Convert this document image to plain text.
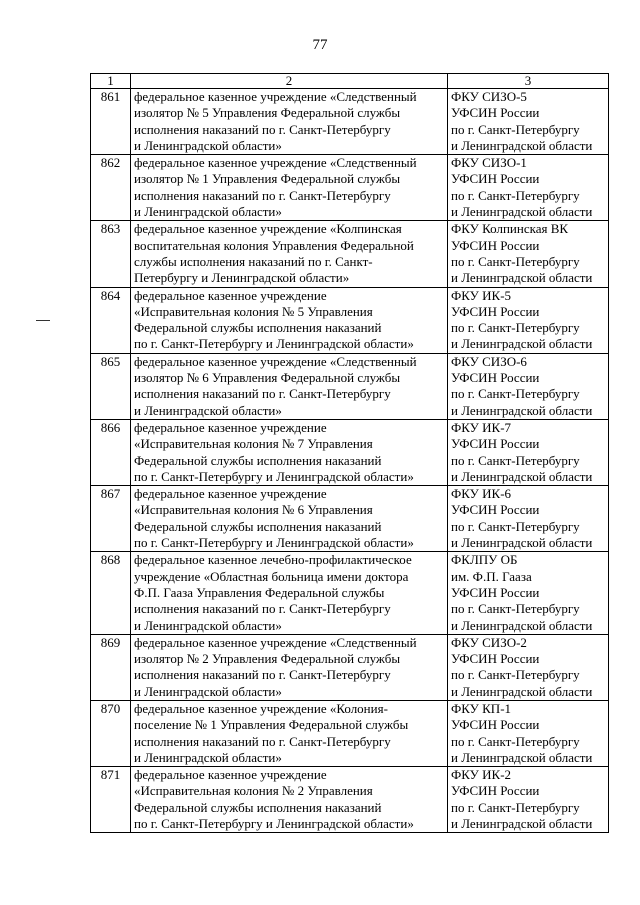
77
1	2	3
861	федеральное казенное учреждение «Следственный
изолятор № 5 Управления Федеральной службы
исполнения наказаний по г. Санкт-Петербургу
и Ленинградской области»	ФКУ СИЗО-5
УФСИН России
по г. Санкт-Петербургу
и Ленинградской области
862	федеральное казенное учреждение «Следственный
изолятор № 1 Управления Федеральной службы
исполнения наказаний по г. Санкт-Петербургу
и Ленинградской области»	ФКУ СИЗО-1
УФСИН России
по г. Санкт-Петербургу
и Ленинградской области
863	федеральное казенное учреждение «Колпинская
воспитательная колония Управления Федеральной
службы исполнения наказаний по г. Санкт-
Петербургу и Ленинградской области»	ФКУ Колпинская ВК
УФСИН России
по г. Санкт-Петербургу
и Ленинградской области
864	федеральное казенное учреждение
«Исправительная колония № 5 Управления
Федеральной службы исполнения наказаний
по г. Санкт-Петербургу и Ленинградской области»	ФКУ ИК-5
УФСИН России
по г. Санкт-Петербургу
и Ленинградской области
865	федеральное казенное учреждение «Следственный
изолятор № 6 Управления Федеральной службы
исполнения наказаний по г. Санкт-Петербургу
и Ленинградской области»	ФКУ СИЗО-6
УФСИН России
по г. Санкт-Петербургу
и Ленинградской области
866	федеральное казенное учреждение
«Исправительная колония № 7 Управления
Федеральной службы исполнения наказаний
по г. Санкт-Петербургу и Ленинградской области»	ФКУ ИК-7
УФСИН России
по г. Санкт-Петербургу
и Ленинградской области
867	федеральное казенное учреждение
«Исправительная колония № 6 Управления
Федеральной службы исполнения наказаний
по г. Санкт-Петербургу и Ленинградской области»	ФКУ ИК-6
УФСИН России
по г. Санкт-Петербургу
и Ленинградской области
868	федеральное казенное лечебно-профилактическое
учреждение «Областная больница имени доктора
Ф.П. Гааза Управления Федеральной службы
исполнения наказаний по г. Санкт-Петербургу
и Ленинградской области»	ФКЛПУ ОБ
им. Ф.П. Гааза
УФСИН России
по г. Санкт-Петербургу
и Ленинградской области
869	федеральное казенное учреждение «Следственный
изолятор № 2 Управления Федеральной службы
исполнения наказаний по г. Санкт-Петербургу
и Ленинградской области»	ФКУ СИЗО-2
УФСИН России
по г. Санкт-Петербургу
и Ленинградской области
870	федеральное казенное учреждение «Колония-
поселение № 1 Управления Федеральной службы
исполнения наказаний по г. Санкт-Петербургу
и Ленинградской области»	ФКУ КП-1
УФСИН России
по г. Санкт-Петербургу
и Ленинградской области
871	федеральное казенное учреждение
«Исправительная колония № 2 Управления
Федеральной службы исполнения наказаний
по г. Санкт-Петербургу и Ленинградской области»	ФКУ ИК-2
УФСИН России
по г. Санкт-Петербургу
и Ленинградской области
